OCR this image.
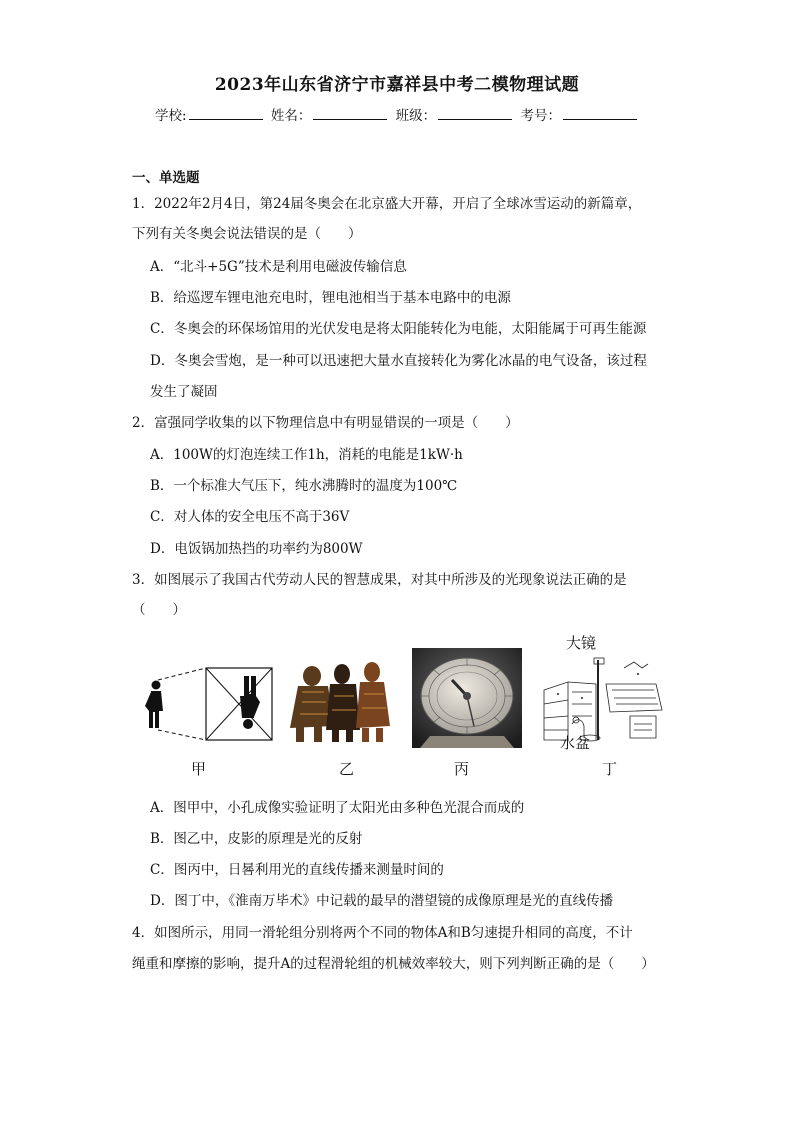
2023年山东省济宁市嘉祥县中考二模物理试题
学校:	姓名：	班级：	考号：
一、单选题
1．2022年2月4日，第24届冬奥会在北京盛大开幕，开启了全球冰雪运动的新篇章，
下列有关冬奥会说法错误的是（　　）
A．“北斗+5G”技术是利用电磁波传输信息
B．给巡逻车锂电池充电时，锂电池相当于基本电路中的电源
C．冬奥会的环保场馆用的光伏发电是将太阳能转化为电能，太阳能属于可再生能源
D．冬奥会雪炮，是一种可以迅速把大量水直接转化为雾化冰晶的电气设备，该过程
发生了凝固
2．富强同学收集的以下物理信息中有明显错误的一项是（　　）
A．100W的灯泡连续工作1h，消耗的电能是1kW·h
B．一个标准大气压下，纯水沸腾时的温度为100℃
C．对人体的安全电压不高于36V
D．电饭锅加热挡的功率约为800W
3．如图展示了我国古代劳动人民的智慧成果，对其中所涉及的光现象说法正确的是
（　　）
大镜
水盆
甲	乙	丙	丁
A．图甲中，小孔成像实验证明了太阳光由多种色光混合而成的
B．图乙中，皮影的原理是光的反射
C．图丙中，日晷利用光的直线传播来测量时间的
D．图丁中，《淮南万毕术》中记载的最早的潜望镜的成像原理是光的直线传播
4．如图所示，用同一滑轮组分别将两个不同的物体A和B匀速提升相同的高度，不计
绳重和摩擦的影响，提升A的过程滑轮组的机械效率较大，则下列判断正确的是（　　）
